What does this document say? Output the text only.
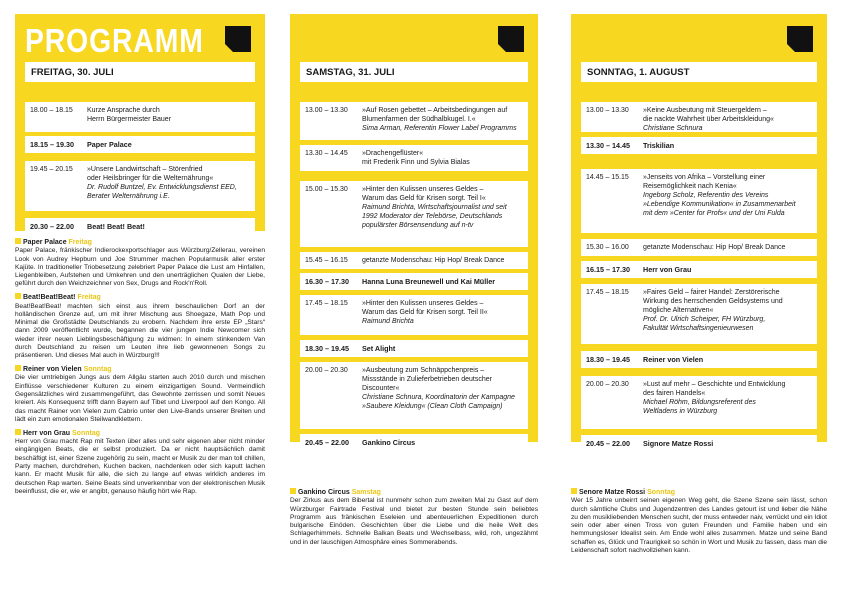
PROGRAMM
FREITAG, 30. JULI
18.00 – 18.15	Kurze Ansprache durch
Herrn Bürgermeister Bauer
18.15 – 19.30	Paper Palace
19.45 – 20.15	»Unsere Landwirtschaft – Störenfried
oder Heilsbringer für die Welternährung«
Dr. Rudolf Buntzel, Ev. Entwicklungsdienst EED,
Berater Welternährung i.E.
20.30 – 22.00	Beat! Beat! Beat!
SAMSTAG, 31. JULI
13.00 – 13.30	»Auf Rosen gebettet – Arbeitsbedingungen auf
Blumenfarmen der Südhalbkugel. I.«
Sima Arman, Referentin Flower Label Programms
13.30 – 14.45	»Drachengeflüster«
mit Frederik Finn und Sylvia Bialas
15.00 – 15.30	»Hinter den Kulissen unseres Geldes –
Warum das Geld für Krisen sorgt. Teil I«
Raimund Brichta, Wirtschaftsjournalist und seit
1992 Moderator der Telebörse, Deutschlands
populärster Börsensendung auf n-tv
15.45 – 16.15	getanzte Modenschau: Hip Hop/ Break Dance
16.30 – 17.30	Hanna Luna Breunewell und Kai Müller
17.45 – 18.15	»Hinter den Kulissen unseres Geldes –
Warum das Geld für Krisen sorgt. Teil II«
Raimund Brichta
18.30 – 19.45	Set Alight
20.00 – 20.30	»Ausbeutung zum Schnäppchenpreis –
Missstände in Zulieferbetrieben deutscher
Discounter«
Christiane Schnura, Koordinatorin der Kampagne
»Saubere Kleidung« (Clean Cloth Campaign)
20.45 – 22.00	Gankino Circus
SONNTAG, 1. AUGUST
13.00 – 13.30	»Keine Ausbeutung mit Steuergeldern –
die nackte Wahrheit über Arbeitskleidung«
Christiane Schnura
13.30 – 14.45	Triskilian
14.45 – 15.15	»Jenseits von Afrika – Vorstellung einer
Reisemöglichkeit nach Kenia«
Ingeborg Scholz, Referentin des Vereins
»Lebendige Kommunikation« in Zusammenarbeit
mit dem »Center for Profs« und der Uni Fulda
15.30 – 16.00	getanzte Modenschau: Hip Hop/ Break Dance
16.15 – 17.30	Herr von Grau
17.45 – 18.15	»Faires Geld – fairer Handel: Zerstörerische
Wirkung des herrschenden Geldsystems und
mögliche Alternativen«
Prof. Dr. Ulrich Scheiper, FH Würzburg,
Fakultät Wirtschaftsingenieurwesen
18.30 – 19.45	Reiner von Vielen
20.00 – 20.30	»Lust auf mehr – Geschichte und Entwicklung
des fairen Handels«
Michael Röhm, Bildungsreferent des
Weltladens in Würzburg
20.45 – 22.00	Signore Matze Rossi

Paper Palace Freitag
Paper Palace, fränkischer Indierockexportschlager aus Würzburg/Zellerau, vereinen Look von Audrey Hepburn und Joe Strummer machen Popularmusik aller erster Kajüte. In traditioneller Triobesetzung zelebriert Paper Palace die Lust am Hinfallen, Liegenbleiben, Aufstehen und Umkehren und den unerträglichen Qualen der Liebe, geführt durch den Weichzeichner von Sex, Drugs and Rock'n'Roll.

Beat!Beat!Beat! Freitag
Beat!Beat!Beat! machten sich einst aus ihrem beschaulichen Dorf an der holländischen Grenze auf, um mit ihrer Mischung aus Shoegaze, Math Pop und Minimal die Großstädte Deutschlands zu erobern. Nachdem ihre erste EP „Stars“ dann 2009 veröffentlicht wurde, begannen die vier jungen Indie Newcomer sich wieder ihrer neuen Lieblingsbeschäftigung zu widmen: In einem stinkendem Van durch Deutschland zu reisen um Leuten ihre lieb gewonnenen Songs zu präsentieren. Und dieses Mal auch in Würzburg!!!

Reiner von Vielen Sonntag
Die vier umtriebigen Jungs aus dem Allgäu starten auch 2010 durch und mischen Einflüsse verschiedener Kulturen zu einem einzigartigen Sound. Vermeindlich Gegensätzliches wird zusammengeführt, das Gewohnte zerrissen und somit Neues kreiert. Als Konsequenz trifft dann Bayern auf Tibet und Liverpool auf den Kongo. All das macht Rainer von Vielen zum Cabrio unter den Live-Bands unserer Breiten und lädt ein zum emotionalen Steilwandklettern.

Herr von Grau Sonntag
Herr von Grau macht Rap mit Texten über alles und sehr eigenen aber nicht minder eingängigen Beats, die er selbst produziert. Da er nicht hauptsächlich damit beschäftigt ist, einer Szene zugehörig zu sein, macht er Musik zu der man toll chillen, Party machen, durchdrehen, Kuchen backen, nachdenken oder sich kaputt lachen kann. Er macht Musik für alle, die sich zu lange auf etwas wirklich anderes im deutschen Rap warten. Seine Beats sind unverkennbar von der elektronischen Musik beeinflusst, die er, wie er angibt, genauso häufig hört wie Rap.	Gankino Circus Samstag
Der Zirkus aus dem Bibertal ist nunmehr schon zum zweiten Mal zu Gast auf dem Würzburger Fairtrade Festival und bietet zur besten Stunde sein beliebtes Programm aus fränkischen Eseleien und abenteuerlichen Expeditionen durch bulgarische Einöden. Geschichten über die Liebe und die heile Welt des Schlagerhimmels. Schnelle Balkan Beats und Wechselbass, wild, roh, ungezähmt und in der lauschigen Atmosphäre eines Sommerabends.

Senore Matze Rossi Sonntag
Wer 15 Jahre unbeirrt seinen eigenen Weg geht, die Szene Szene sein lässt, schon durch sämtliche Clubs und Jugendzentren des Landes getourt ist und lieber die Nähe zu den musikliebenden Menschen sucht, der muss entweder naiv, verrückt und ein Idiot sein oder aber einen Tross von guten Freunden und Familie haben und ein hemmungsloser Idealist sein. Am Ende wohl alles zusammen. Matze und seine Band schaffen es, Glück und Traurigkeit so schön in Wort und Musik zu fassen, dass man die Leidenschaft sofort nachvollziehen kann.
